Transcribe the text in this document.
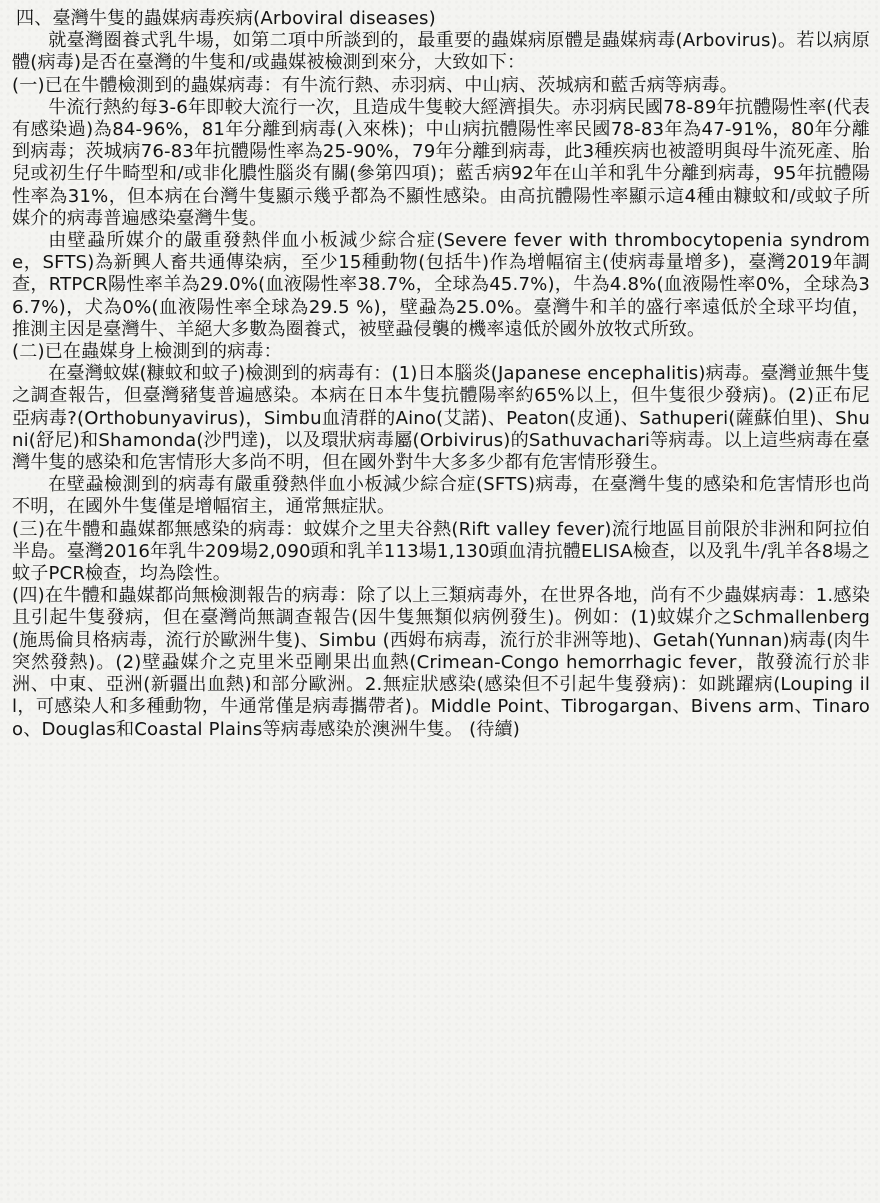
四、臺灣牛隻的蟲媒病毒疾病(Arboviral diseases)

就臺灣圈養式乳牛場，如第二項中所談到的，最重要的蟲媒病原體是蟲媒病毒(Arbovirus)。若以病原體(病毒)是否在臺灣的牛隻和/或蟲媒被檢測到來分，大致如下：

(一)已在牛體檢測到的蟲媒病毒：有牛流行熱、赤羽病、中山病、茨城病和藍舌病等病毒。

牛流行熱約每3-6年即較大流行一次，且造成牛隻較大經濟損失。赤羽病民國78-89年抗體陽性率(代表有感染過)為84-96%，81年分離到病毒(入來株)；中山病抗體陽性率民國78-83年為47-91%，80年分離到病毒；茨城病76-83年抗體陽性率為25-90%，79年分離到病毒，此3種疾病也被證明與母牛流死產、胎兒或初生仔牛畸型和/或非化膿性腦炎有關(參第四項)；藍舌病92年在山羊和乳牛分離到病毒，95年抗體陽性率為31%，但本病在台灣牛隻顯示幾乎都為不顯性感染。由高抗體陽性率顯示這4種由糠蚊和/或蚊子所媒介的病毒普遍感染臺灣牛隻。

由壁蝨所媒介的嚴重發熱伴血小板減少綜合症(Severe fever with thrombocytopenia syndrome，SFTS)為新興人畜共通傳染病，至少15種動物(包括牛)作為增幅宿主(使病毒量增多)，臺灣2019年調查，RTPCR陽性率羊為29.0%(血液陽性率38.7%，全球為45.7%)，牛為4.8%(血液陽性率0%，全球為36.7%)，犬為0%(血液陽性率全球為29.5 %)，壁蝨為25.0%。臺灣牛和羊的盛行率遠低於全球平均值，推測主因是臺灣牛、羊絕大多數為圈養式，被壁蝨侵襲的機率遠低於國外放牧式所致。

(二)已在蟲媒身上檢測到的病毒：

在臺灣蚊媒(糠蚊和蚊子)檢測到的病毒有：(1)日本腦炎(Japanese encephalitis)病毒。臺灣並無牛隻之調查報告，但臺灣豬隻普遍感染。本病在日本牛隻抗體陽率約65%以上，但牛隻很少發病)。(2)正布尼亞病毒?(Orthobunyavirus)，Simbu血清群的Aino(艾諾)、Peaton(皮通)、Sathuperi(薩蘇伯里)、Shuni(舒尼)和Shamonda(沙門達)，以及環狀病毒屬(Orbivirus)的Sathuvachari等病毒。以上這些病毒在臺灣牛隻的感染和危害情形大多尚不明，但在國外對牛大多多少都有危害情形發生。

在壁蝨檢測到的病毒有嚴重發熱伴血小板減少綜合症(SFTS)病毒，在臺灣牛隻的感染和危害情形也尚不明，在國外牛隻僅是增幅宿主，通常無症狀。

(三)在牛體和蟲媒都無感染的病毒：蚊媒介之里夫谷熱(Rift valley fever)流行地區目前限於非洲和阿拉伯半島。臺灣2016年乳牛209場2,090頭和乳羊113場1,130頭血清抗體ELISA檢查，以及乳牛/乳羊各8場之蚊子PCR檢查，均為陰性。

(四)在牛體和蟲媒都尚無檢測報告的病毒：除了以上三類病毒外，在世界各地，尚有不少蟲媒病毒：1.感染且引起牛隻發病，但在臺灣尚無調查報告(因牛隻無類似病例發生)。例如：(1)蚊媒介之Schmallenberg (施馬倫貝格病毒，流行於歐洲牛隻)、Simbu (西姆布病毒，流行於非洲等地)、Getah(Yunnan)病毒(肉牛突然發熱)。(2)壁蝨媒介之克里米亞剛果出血熱(Crimean-Congo hemorrhagic fever，散發流行於非洲、中東、亞洲(新疆出血熱)和部分歐洲。2.無症狀感染(感染但不引起牛隻發病)：如跳躍病(Louping ill，可感染人和多種動物，牛通常僅是病毒攜帶者)。Middle Point、Tibrogargan、Bivens arm、Tinaroo、Douglas和Coastal Plains等病毒感染於澳洲牛隻。 (待續)
